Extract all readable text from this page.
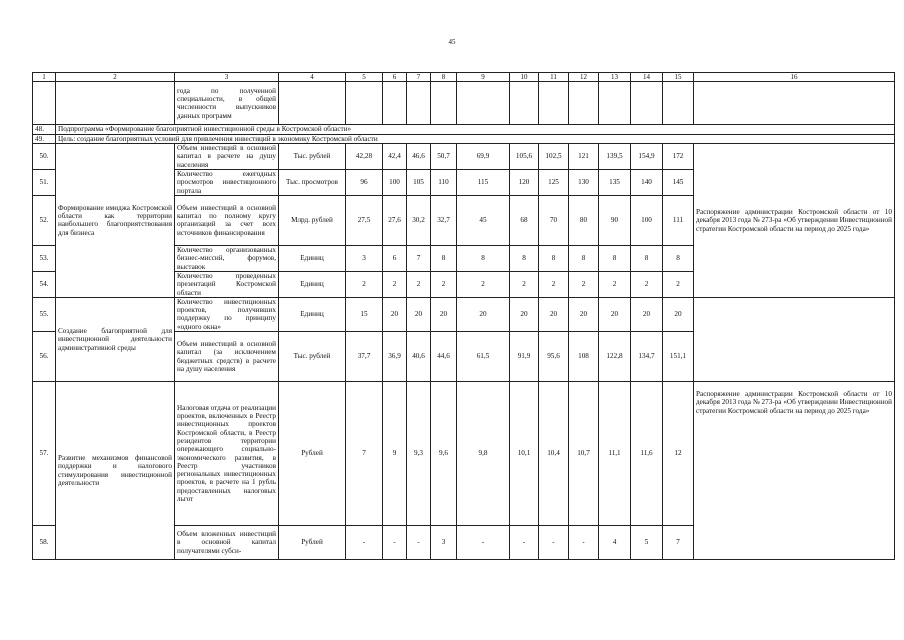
45
1	2	3	4	5	6	7	8	9	10	11	12	13	14	15	16
		года по полученной специальности, в общей численности выпускников данных программ													
48.	Подпрограмма «Формирование благоприятной инвестиционной среды в Костромской области»														
49.	Цель: создание благоприятных условий для привлечения инвестиций в экономику Костромской области														
50.	Формирование имиджа Костромской области как территории наибольшего благоприятствования для бизнеса	Объем инвестиций в основной капитал в расчете на душу населения	Тыс. рублей	42,28	42,4	46,6	50,7	69,9	105,6	102,5	121	139,5	154,9	172	Распоряжение администрации Костромской области от 10 декабря 2013 года № 273-ра «Об утверждении Инвестиционной стратегии Костромской области на период до 2025 года»
51.		Количество ежегодных просмотров инвестиционного портала	Тыс. просмотров	96	100	105	110	115	120	125	130	135	140	145	
52.		Объем инвестиций в основной капитал по полному кругу организаций за счет всех источников финансирования	Млрд. рублей	27,5	27,6	30,2	32,7	45	68	70	80	90	100	111	
53.		Количество организованных бизнес-миссий, форумов, выставок	Единиц	3	6	7	8	8	8	8	8	8	8	8	
54.		Количество проведенных презентаций Костромской области	Единиц	2	2	2	2	2	2	2	2	2	2	2	
55.	Создание благоприятной для инвестиционной деятельности административной среды	Количество инвестиционных проектов, получивших поддержку по принципу «одного окна»	Единиц	15	20	20	20	20	20	20	20	20	20	20	
56.		Объем инвестиций в основной капитал (за исключением бюджетных средств) в расчете на душу населения	Тыс. рублей	37,7	36,9	40,6	44,6	61,5	91,9	95,6	108	122,8	134,7	151,1	
57.	Развитие механизмов финансовой поддержки и налогового стимулирования инвестиционной деятельности	Налоговая отдача от реализации проектов, включенных в Реестр инвестиционных проектов Костромской области, в Реестр резидентов территории опережающего социально-экономического развития, в Реестр участников региональных инвестиционных проектов, в расчете на 1 рубль предоставленных налоговых льгот	Рублей	7	9	9,3	9,6	9,8	10,1	10,4	10,7	11,1	11,6	12	Распоряжение администрации Костромской области от 10 декабря 2013 года № 273-ра «Об утверждении Инвестиционной стратегии Костромской области на период до 2025 года»
58.		Объем вложенных инвестиций в основной капитал получателями субси-	Рублей	-	-	-	3	-	-	-	-	4	5	7	
